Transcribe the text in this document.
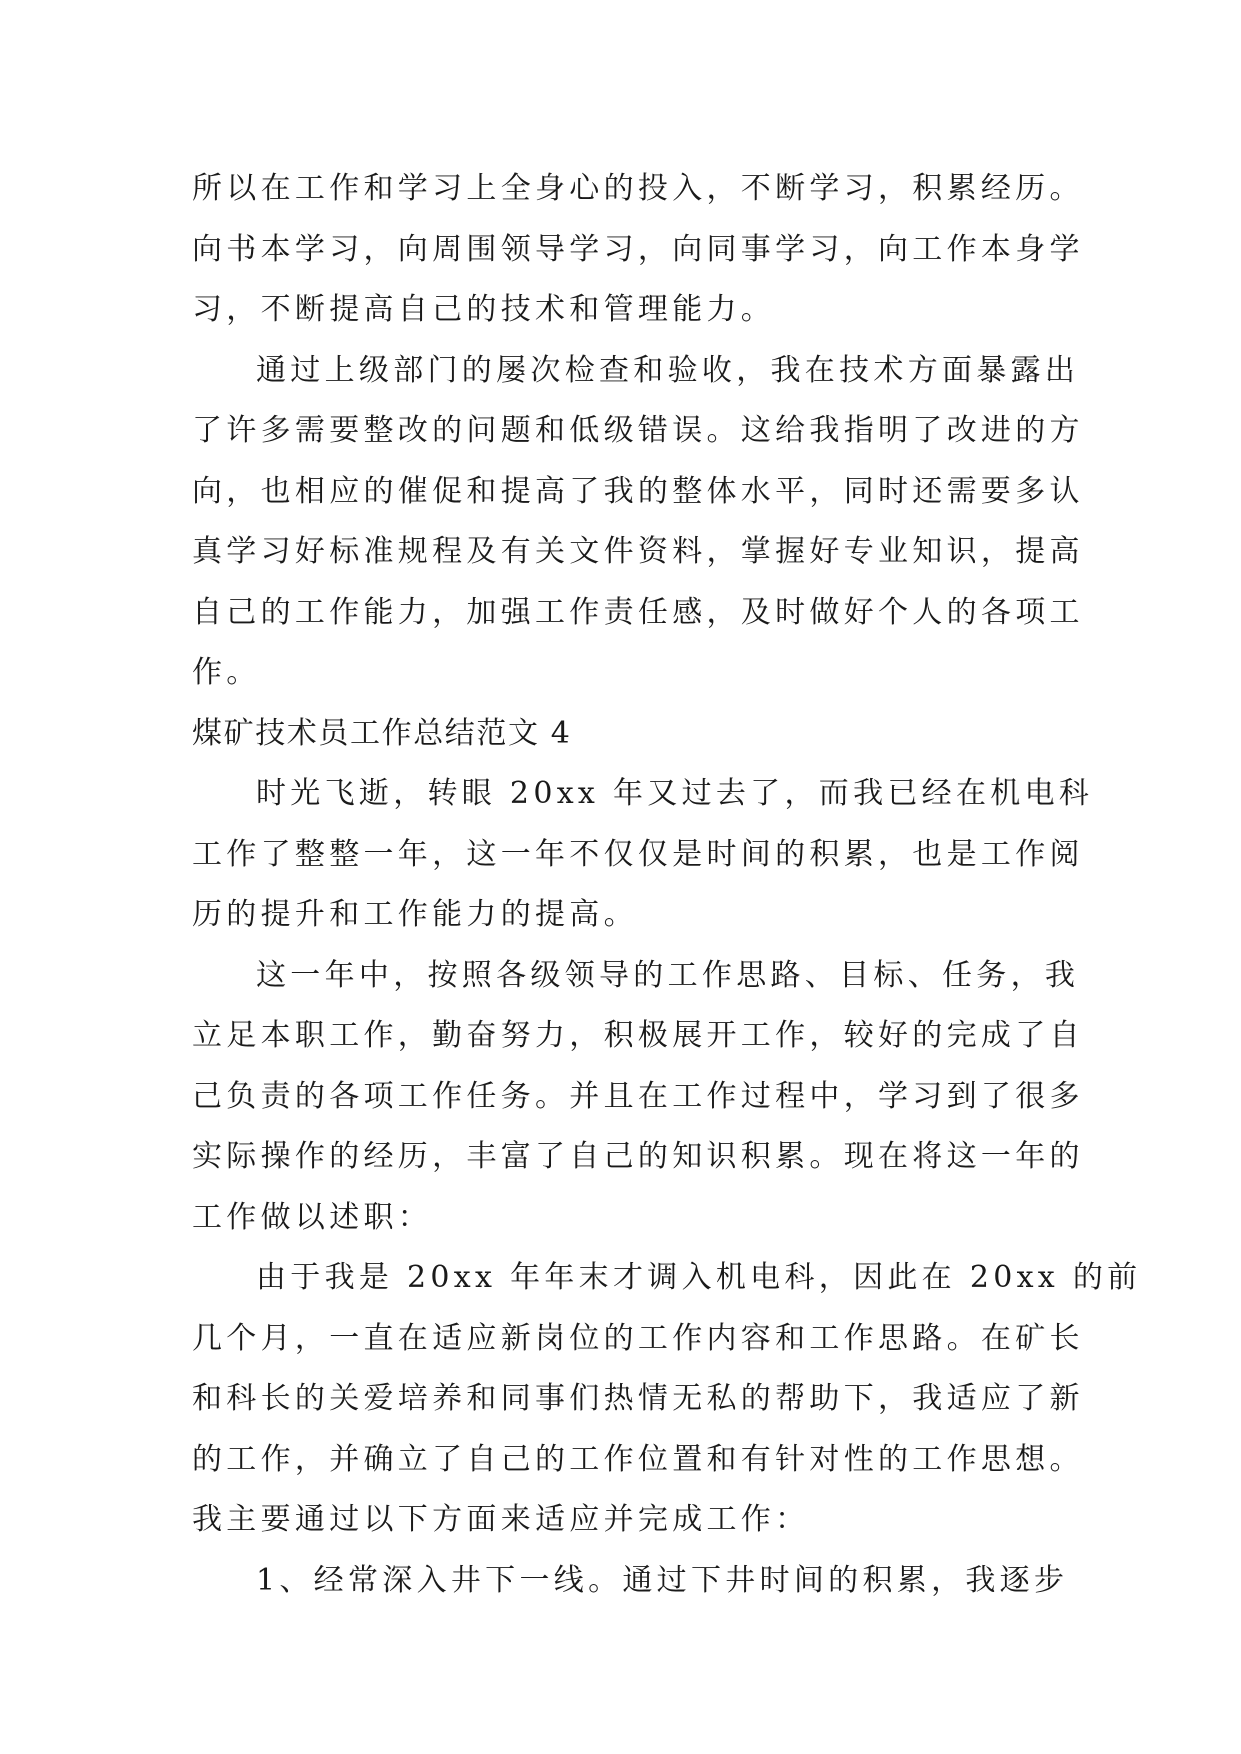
所以在工作和学习上全身心的投入，不断学习，积累经历。
向书本学习，向周围领导学习，向同事学习，向工作本身学
习，不断提高自己的技术和管理能力。
通过上级部门的屡次检查和验收，我在技术方面暴露出
了许多需要整改的问题和低级错误。这给我指明了改进的方
向，也相应的催促和提高了我的整体水平，同时还需要多认
真学习好标准规程及有关文件资料，掌握好专业知识，提高
自己的工作能力，加强工作责任感，及时做好个人的各项工
作。
煤矿技术员工作总结范文 4
时光飞逝，转眼 20xx 年又过去了，而我已经在机电科
工作了整整一年，这一年不仅仅是时间的积累，也是工作阅
历的提升和工作能力的提高。
这一年中，按照各级领导的工作思路、目标、任务，我
立足本职工作，勤奋努力，积极展开工作，较好的完成了自
己负责的各项工作任务。并且在工作过程中，学习到了很多
实际操作的经历，丰富了自己的知识积累。现在将这一年的
工作做以述职：
由于我是 20xx 年年末才调入机电科，因此在 20xx 的前
几个月，一直在适应新岗位的工作内容和工作思路。在矿长
和科长的关爱培养和同事们热情无私的帮助下，我适应了新
的工作，并确立了自己的工作位置和有针对性的工作思想。
我主要通过以下方面来适应并完成工作：
1、经常深入井下一线。通过下井时间的积累，我逐步
